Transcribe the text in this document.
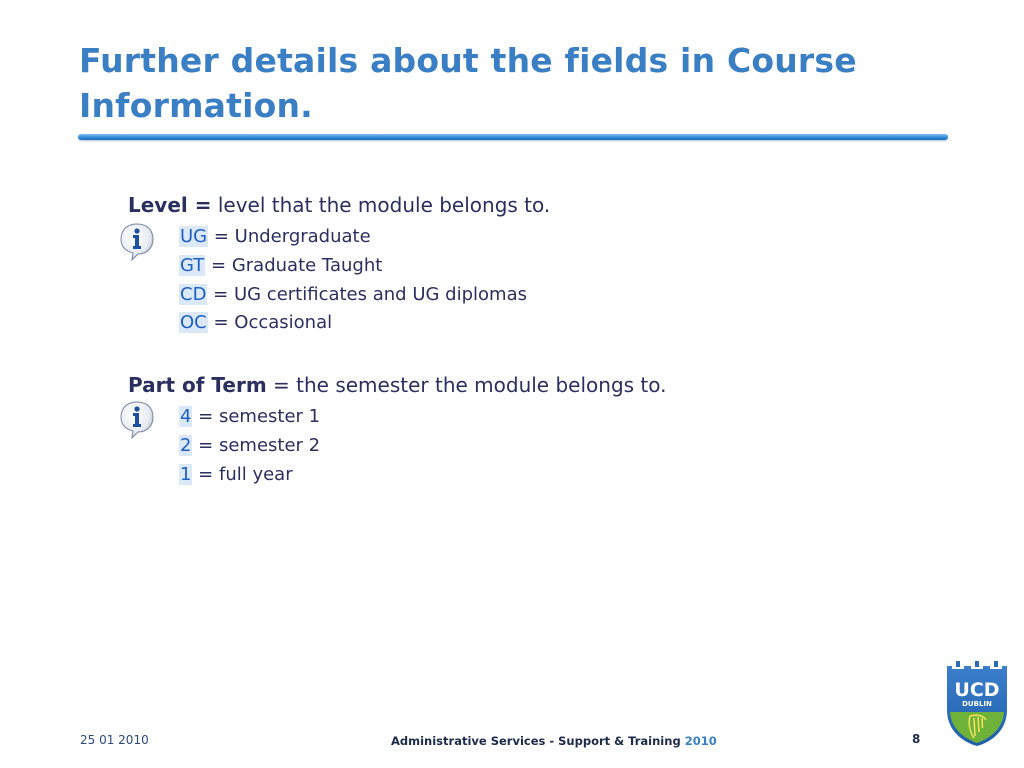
Further details about the fields in Course Information.
Level = level that the module belongs to.
UG = Undergraduate
GT = Graduate Taught
CD = UG certificates and UG diplomas
OC = Occasional
Part of Term = the semester the module belongs to.
4 = semester 1
2 = semester 2
1 = full year
25 01 2010	Administrative Services - Support & Training 2010	8
UCD
DUBLIN
